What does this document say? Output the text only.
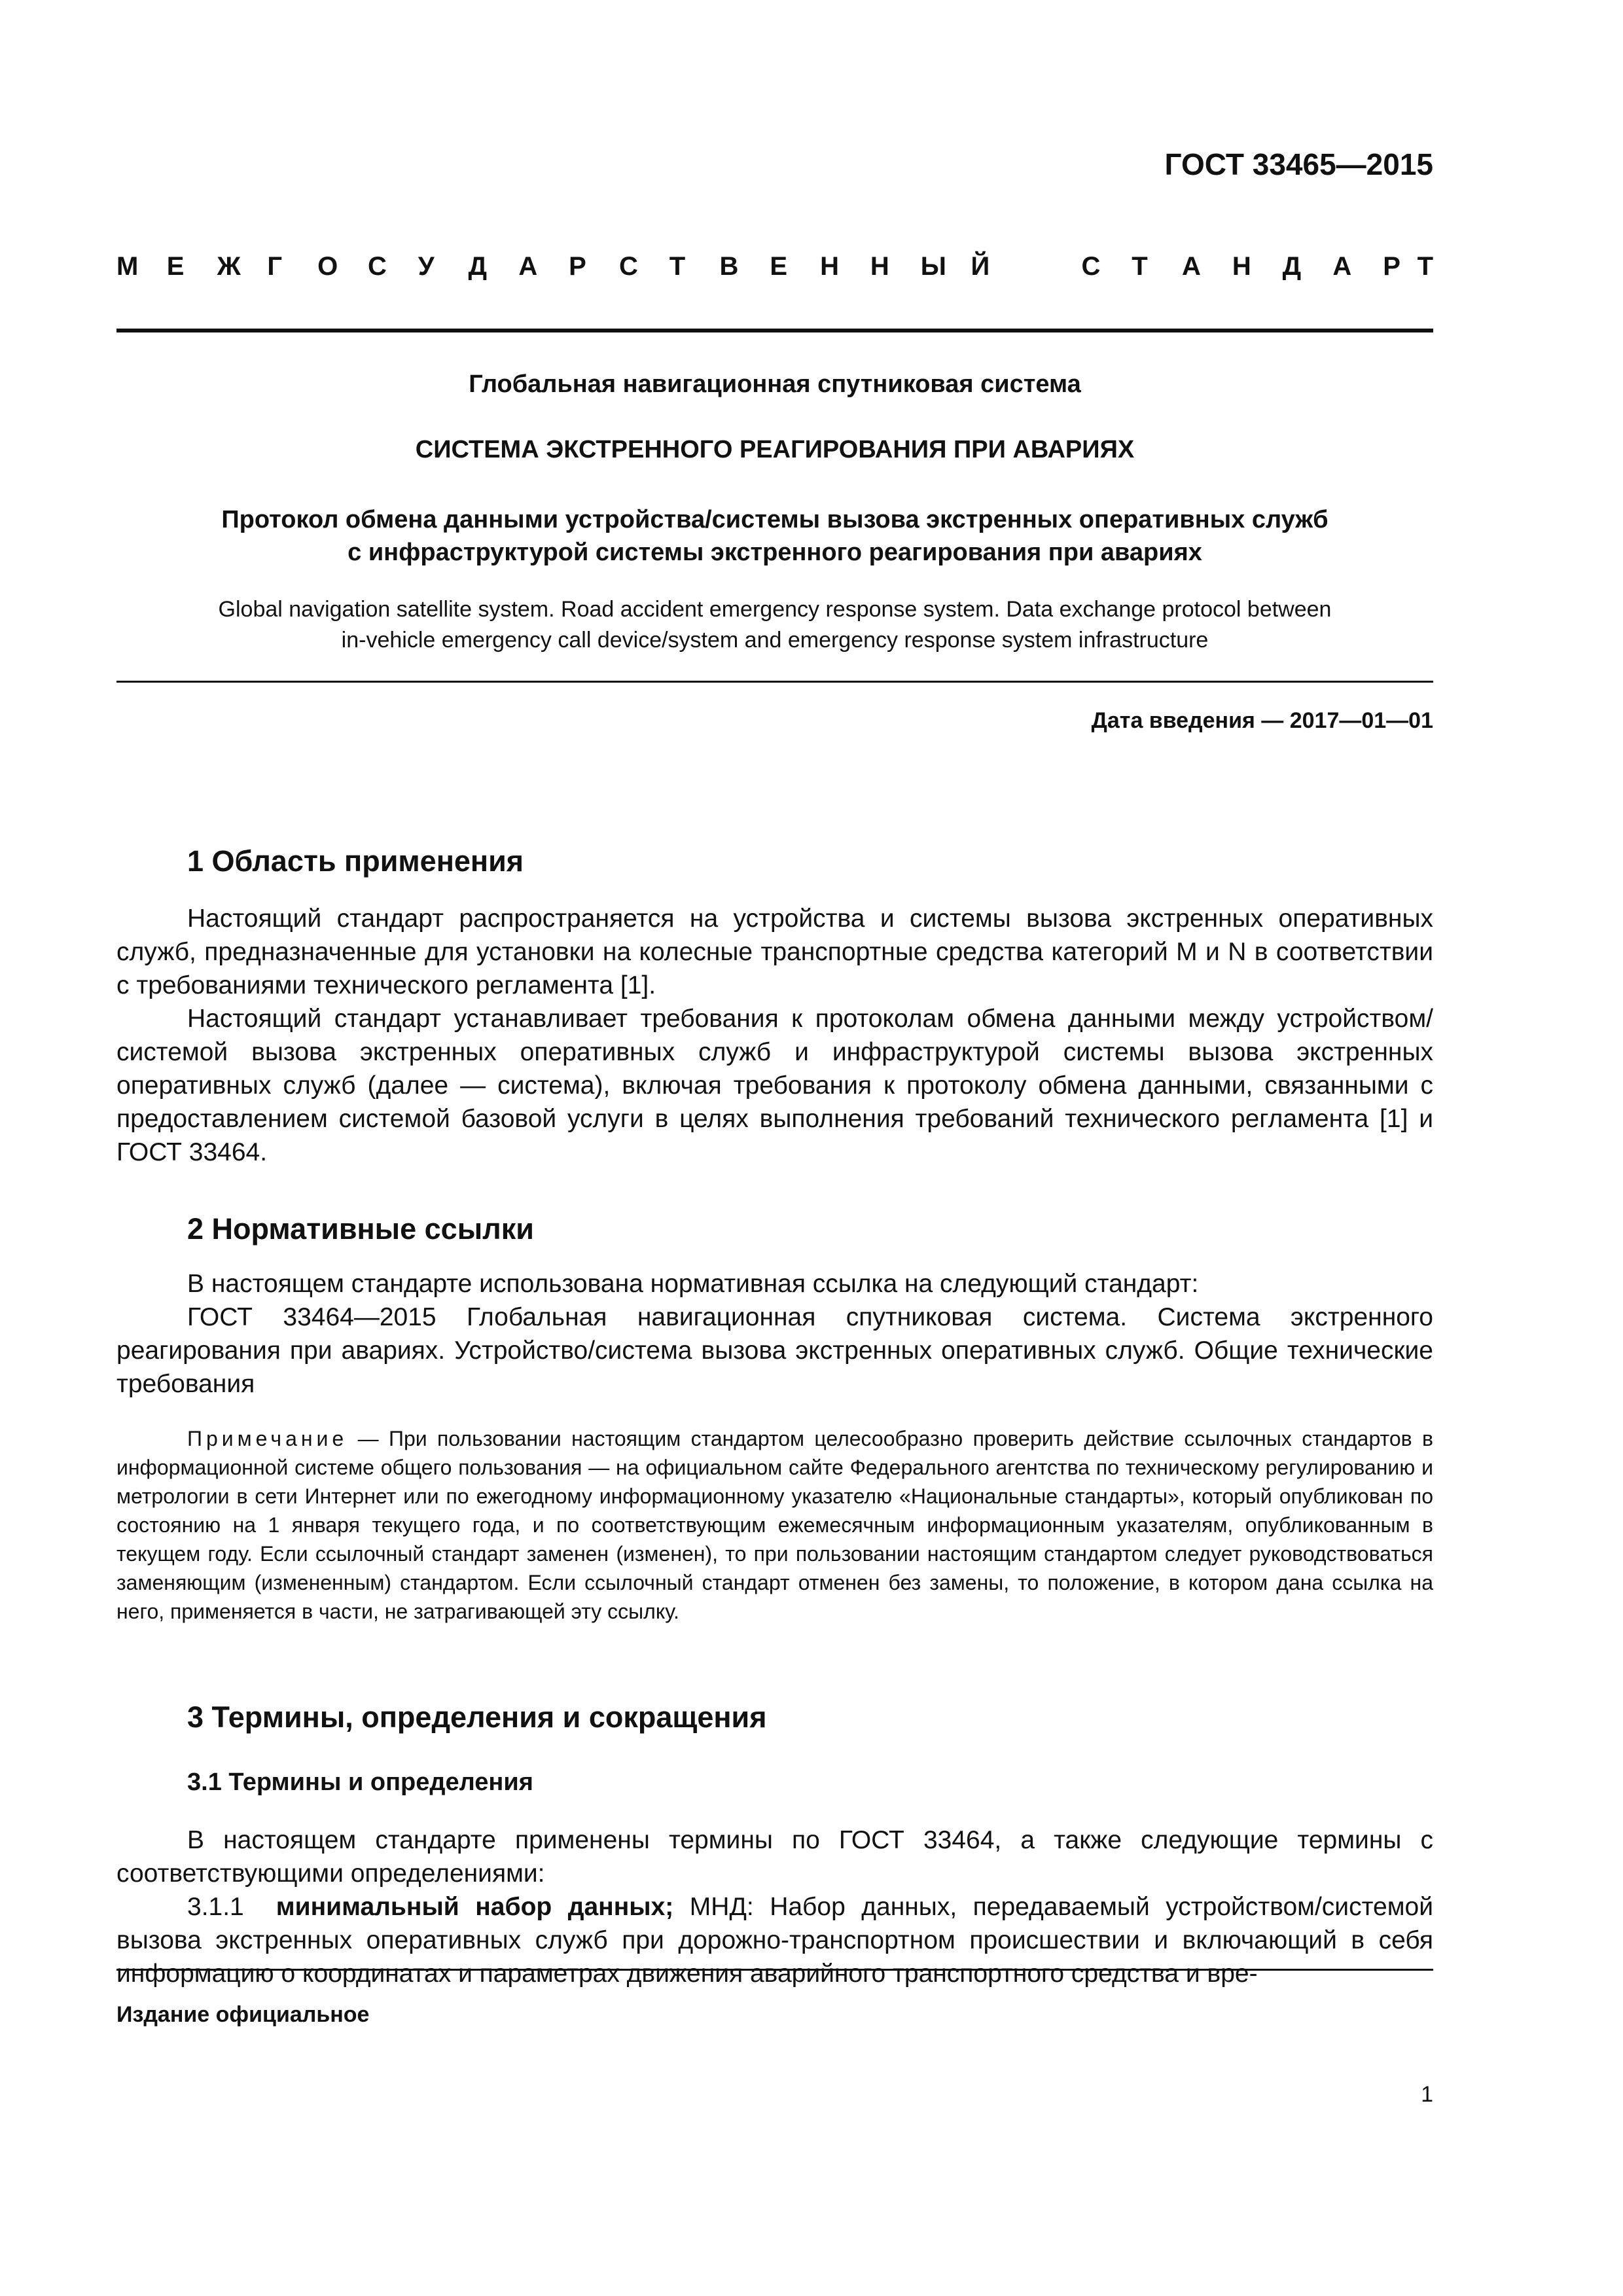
ГОСТ 33465—2015
М Е Ж Г О С У Д А Р С Т В Е Н Н Ы Й	С Т А Н Д А Р Т
Глобальная навигационная спутниковая система
СИСТЕМА ЭКСТРЕННОГО РЕАГИРОВАНИЯ ПРИ АВАРИЯХ
Протокол обмена данными устройства/системы вызова экстренных оперативных служб
с инфраструктурой системы экстренного реагирования при авариях
Global navigation satellite system. Road accident emergency response system. Data exchange protocol between
in-vehicle emergency call device/system and emergency response system infrastructure
Дата введения — 2017—01—01
1 Область применения

Настоящий стандарт распространяется на устройства и системы вызова экстренных оперативных служб, предназначенные для установки на колесные транспортные средства категорий M и N в соответствии с требованиями технического регламента [1].

Настоящий стандарт устанавливает требования к протоколам обмена данными между устройством/системой вызова экстренных оперативных служб и инфраструктурой системы вызова экстренных оперативных служб (далее — система), включая требования к протоколу обмена данными, связанными с предоставлением системой базовой услуги в целях выполнения требований технического регламента [1] и ГОСТ 33464.

2 Нормативные ссылки

В настоящем стандарте использована нормативная ссылка на следующий стандарт:

ГОСТ 33464—2015 Глобальная навигационная спутниковая система. Система экстренного реагирования при авариях. Устройство/система вызова экстренных оперативных служб. Общие технические требования

Примечание — При пользовании настоящим стандартом целесообразно проверить действие ссылочных стандартов в информационной системе общего пользования — на официальном сайте Федерального агентства по техническому регулированию и метрологии в сети Интернет или по ежегодному информационному указателю «Национальные стандарты», который опубликован по состоянию на 1 января текущего года, и по соответствующим ежемесячным информационным указателям, опубликованным в текущем году. Если ссылочный стандарт заменен (изменен), то при пользовании настоящим стандартом следует руководствоваться заменяющим (измененным) стандартом. Если ссылочный стандарт отменен без замены, то положение, в котором дана ссылка на него, применяется в части, не затрагивающей эту ссылку.

3 Термины, определения и сокращения
3.1 Термины и определения

В настоящем стандарте применены термины по ГОСТ 33464, а также следующие термины с соответствующими определениями:

3.1.1 минимальный набор данных; МНД: Набор данных, передаваемый устройством/системой вызова экстренных оперативных служб при дорожно-транспортном происшествии и включающий в себя информацию о координатах и параметрах движения аварийного транспортного средства и вре-

Издание официальное
1
